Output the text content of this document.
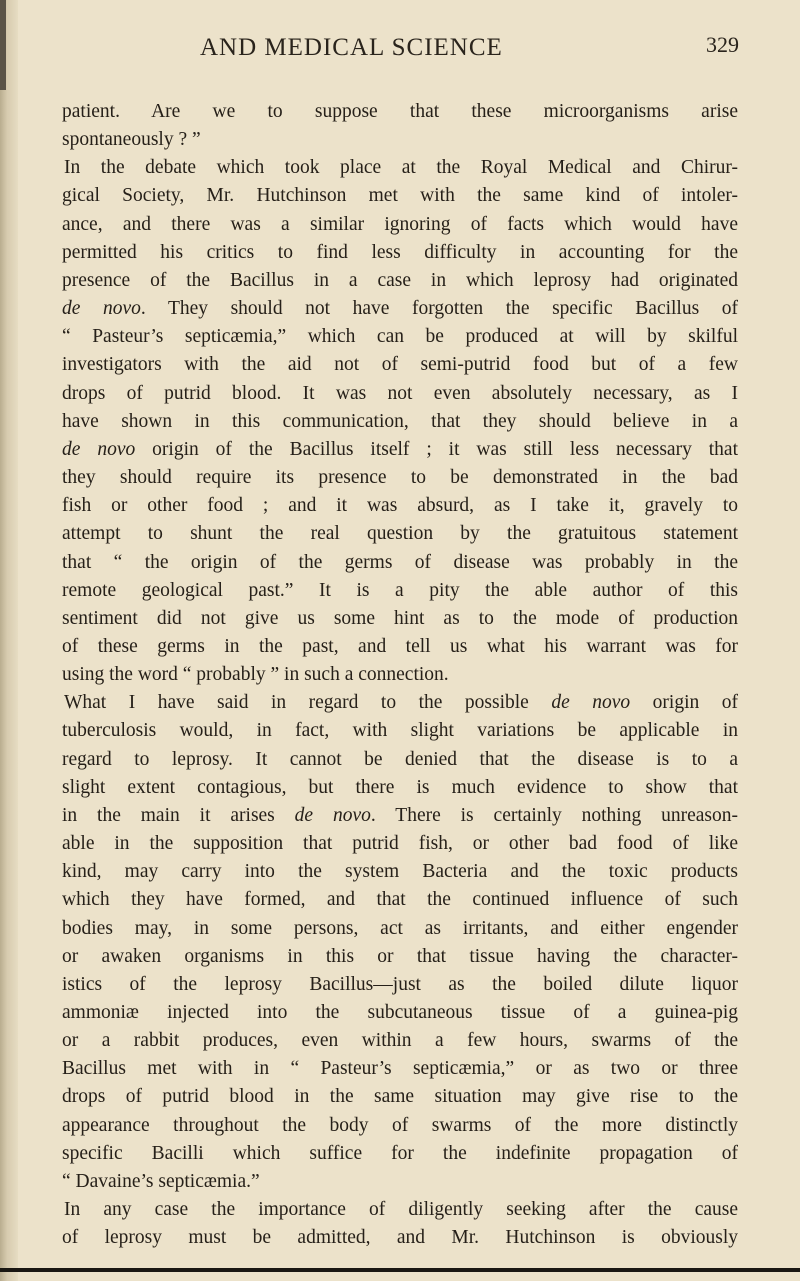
AND MEDICAL SCIENCE	329
patient. Are we to suppose that these microorganisms arise
spontaneously ? ”
In the debate which took place at the Royal Medical and Chirur-
gical Society, Mr. Hutchinson met with the same kind of intoler-
ance, and there was a similar ignoring of facts which would have
permitted his critics to find less difficulty in accounting for the
presence of the Bacillus in a case in which leprosy had originated
de novo. They should not have forgotten the specific Bacillus of
“ Pasteur’s septicæmia,” which can be produced at will by skilful
investigators with the aid not of semi-putrid food but of a few
drops of putrid blood. It was not even absolutely necessary, as I
have shown in this communication, that they should believe in a
de novo origin of the Bacillus itself ; it was still less necessary that
they should require its presence to be demonstrated in the bad
fish or other food ; and it was absurd, as I take it, gravely to
attempt to shunt the real question by the gratuitous statement
that “ the origin of the germs of disease was probably in the
remote geological past.” It is a pity the able author of this
sentiment did not give us some hint as to the mode of production
of these germs in the past, and tell us what his warrant was for
using the word “ probably ” in such a connection.
What I have said in regard to the possible de novo origin of
tuberculosis would, in fact, with slight variations be applicable in
regard to leprosy. It cannot be denied that the disease is to a
slight extent contagious, but there is much evidence to show that
in the main it arises de novo. There is certainly nothing unreason-
able in the supposition that putrid fish, or other bad food of like
kind, may carry into the system Bacteria and the toxic products
which they have formed, and that the continued influence of such
bodies may, in some persons, act as irritants, and either engender
or awaken organisms in this or that tissue having the character-
istics of the leprosy Bacillus—just as the boiled dilute liquor
ammoniæ injected into the subcutaneous tissue of a guinea-pig
or a rabbit produces, even within a few hours, swarms of the
Bacillus met with in “ Pasteur’s septicæmia,” or as two or three
drops of putrid blood in the same situation may give rise to the
appearance throughout the body of swarms of the more distinctly
specific Bacilli which suffice for the indefinite propagation of
“ Davaine’s septicæmia.”
In any case the importance of diligently seeking after the cause
of leprosy must be admitted, and Mr. Hutchinson is obviously
